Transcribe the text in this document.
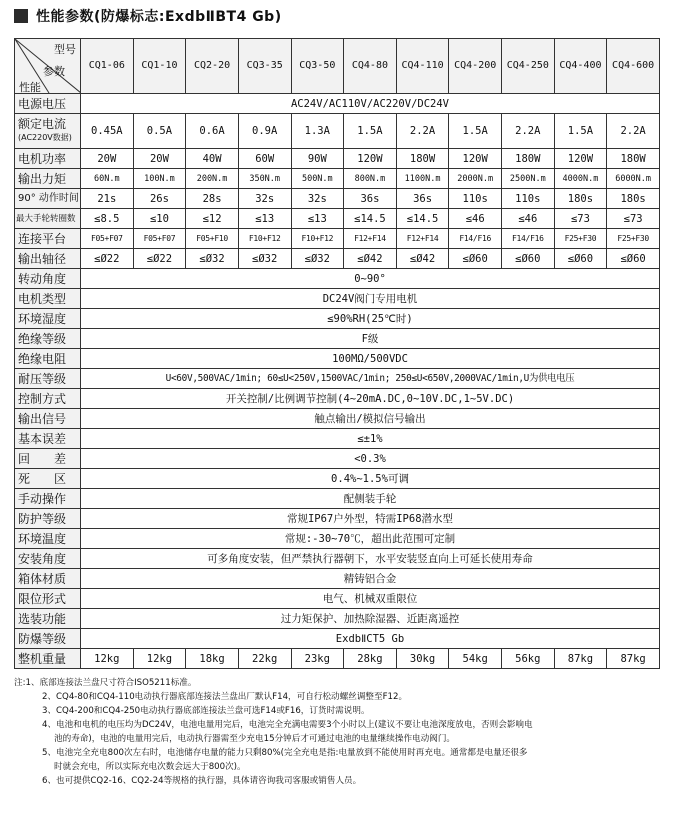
性能参数(防爆标志:ExdbⅡBT4 Gb)
型号
参数
性能	CQ1-06	CQ1-10	CQ2-20	CQ3-35	CQ3-50	CQ4-80	CQ4-110	CQ4-200	CQ4-250	CQ4-400	CQ4-600
电源电压	AC24V/AC110V/AC220V/DC24V										

额定电流
(AC220V数据)	0.45A	0.5A	0.6A	0.9A	1.3A	1.5A	2.2A	1.5A	2.2A	1.5A	2.2A
电机功率	20W	20W	40W	60W	90W	120W	180W	120W	180W	120W	180W
输出力矩	60N.m	100N.m	200N.m	350N.m	500N.m	800N.m	1100N.m	2000N.m	2500N.m	4000N.m	6000N.m
90° 动作时间	21s	26s	28s	32s	32s	36s	36s	110s	110s	180s	180s
最大手轮转圈数	≤8.5	≤10	≤12	≤13	≤13	≤14.5	≤14.5	≤46	≤46	≤73	≤73
连接平台	F05+F07	F05+F07	F05+F10	F10+F12	F10+F12	F12+F14	F12+F14	F14/F16	F14/F16	F25+F30	F25+F30
输出轴径	≤Ø22	≤Ø22	≤Ø32	≤Ø32	≤Ø32	≤Ø42	≤Ø42	≤Ø60	≤Ø60	≤Ø60	≤Ø60
转动角度	0~90°										
电机类型	DC24V阀门专用电机										
环境湿度	≤90%RH(25℃时)										
绝缘等级	F级										
绝缘电阻	100MΩ/500VDC										
耐压等级	U<60V,500VAC/1min; 60≤U<250V,1500VAC/1min; 250≤U<650V,2000VAC/1min,U为供电电压										
控制方式	开关控制/比例调节控制(4~20mA.DC,0~10V.DC,1~5V.DC)										
输出信号	触点输出/模拟信号输出										
基本误差	≤±1%										
回　　差	<0.3%										
死　　区	0.4%~1.5%可调										
手动操作	配侧装手轮										
防护等级	常规IP67户外型，特需IP68潜水型										
环境温度	常规:-30~70℃，超出此范围可定制										
安装角度	可多角度安装，但严禁执行器朝下，水平安装竖直向上可延长使用寿命										
箱体材质	精铸铝合金										
限位形式	电气、机械双重限位										
选装功能	过力矩保护、加热除湿器、近距离遥控										
防爆等级	ExdbⅡCT5 Gb										
整机重量	12kg	12kg	18kg	22kg	23kg	28kg	30kg	54kg	56kg	87kg	87kg

注:1、底部连接法兰盘尺寸符合ISO5211标准。

2、CQ4-80和CQ4-110电动执行器底部连接法兰盘出厂默认F14，可自行松动螺丝调整至F12。

3、CQ4-200和CQ4-250电动执行器底部连接法兰盘可选F14或F16，订货时需说明。

4、电池和电机的电压均为DC24V，电池电量用完后，电池完全充满电需要3个小时以上(建议不要让电池深度放电，否则会影响电

池的寿命)，电池的电量用完后，电动执行器需至少充电15分钟后才可通过电池的电量继续操作电动阀门。

5、电池完全充电800次左右时，电池储存电量的能力只剩80%(完全充电是指:电量放到不能使用时再充电。通常都是电量还很多

时就会充电，所以实际充电次数会远大于800次)。

6、也可提供CQ2-16、CQ2-24等规格的执行器，具体请咨询我司客服或销售人员。
